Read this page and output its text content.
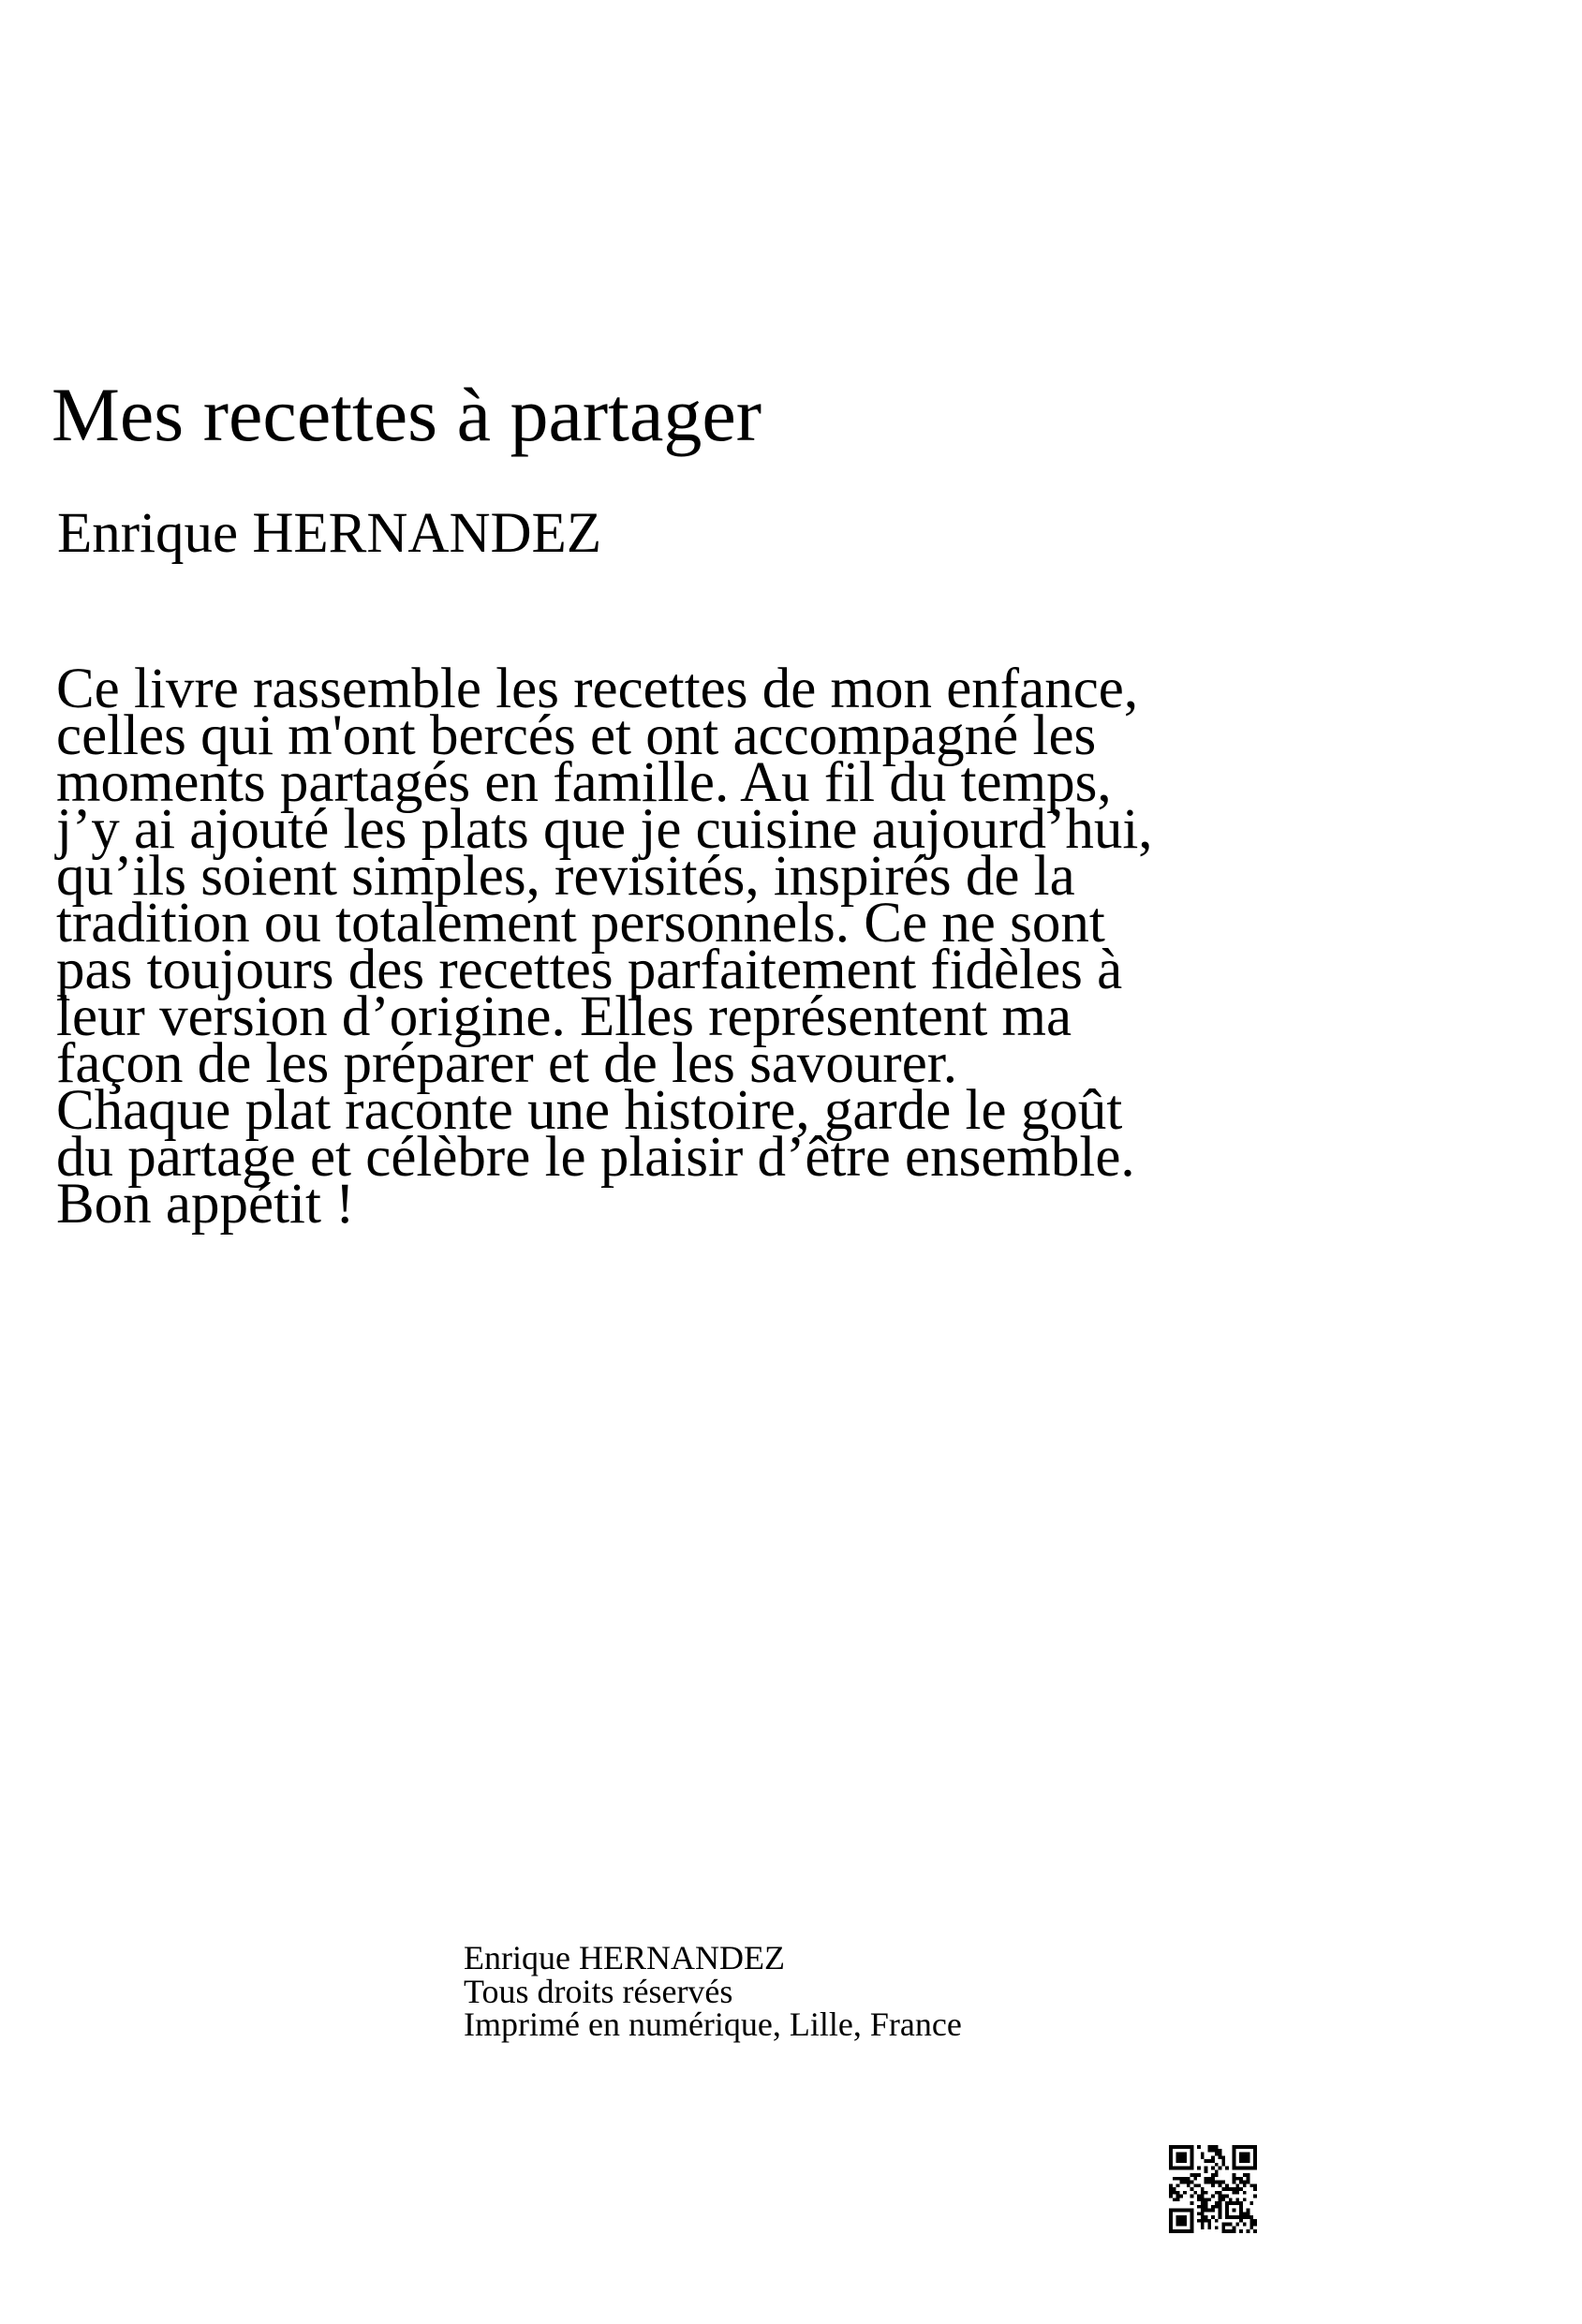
Mes recettes à partager
Enrique HERNANDEZ
Ce livre rassemble les recettes de mon enfance,
celles qui m'ont bercés et ont accompagné les
moments partagés en famille. Au fil du temps,
j’y ai ajouté les plats que je cuisine aujourd’hui,
qu’ils soient simples, revisités, inspirés de la
tradition ou totalement personnels. Ce ne sont
pas toujours des recettes parfaitement fidèles à
leur version d’origine. Elles représentent ma
façon de les préparer et de les savourer.
Chaque plat raconte une histoire, garde le goût
du partage et célèbre le plaisir d’être ensemble.
Bon appétit !
Enrique HERNANDEZ
Tous droits réservés
Imprimé en numérique, Lille, France
